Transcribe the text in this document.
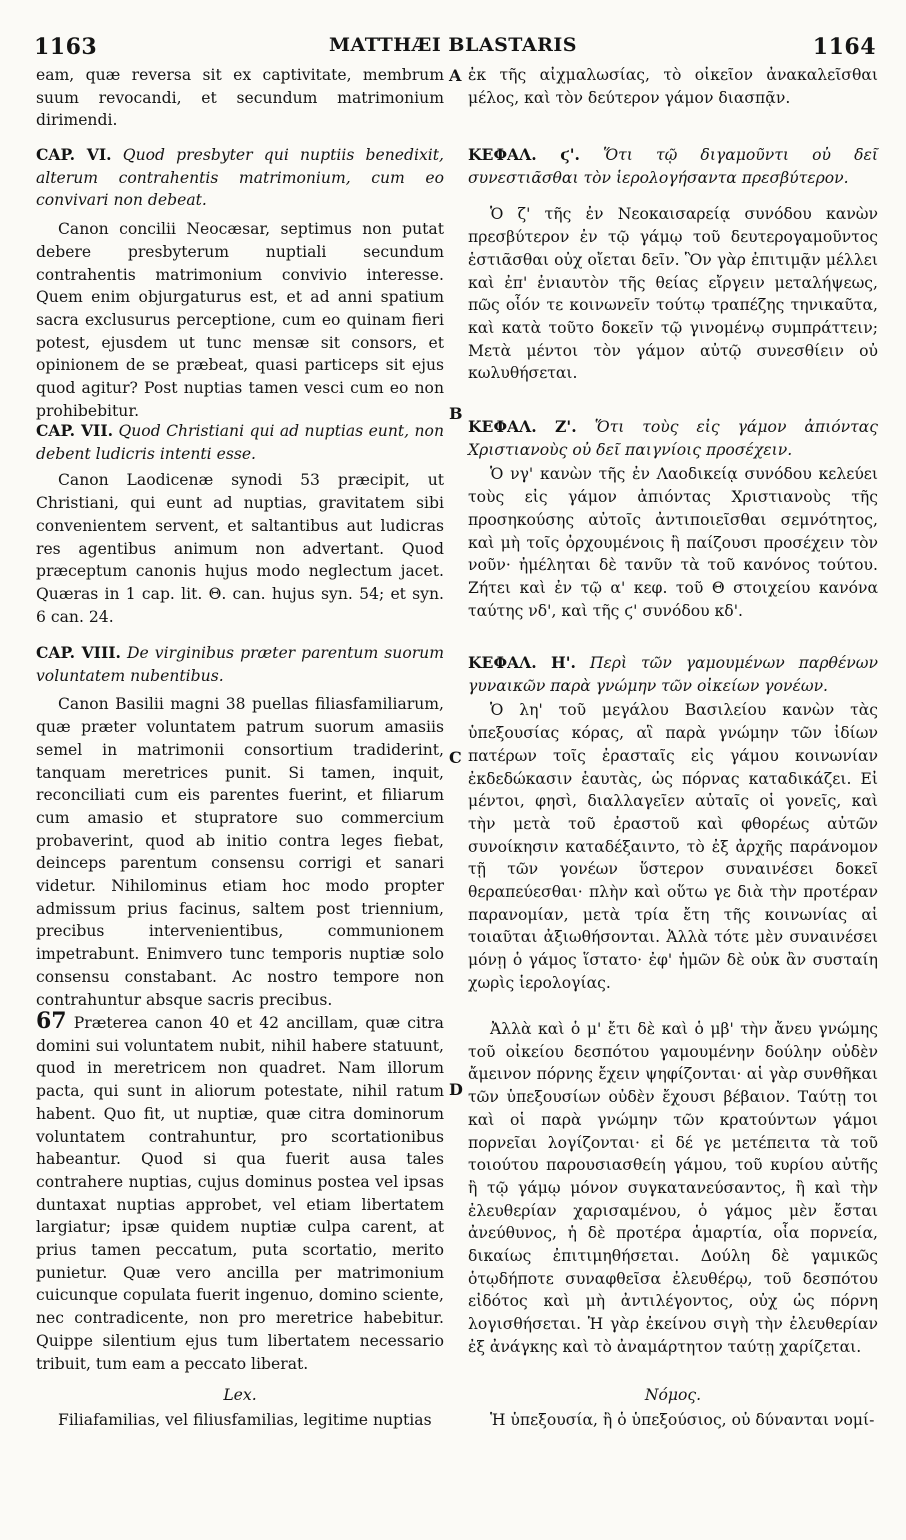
1163	MATTHÆI BLASTARIS	1164
A
B
C
D
eam, quæ reversa sit ex captivitate, membrum suum revocandi, et secundum matrimonium dirimendi.
CAP. VI. Quod presbyter qui nuptiis benedixit, alterum contrahentis matrimonium, cum eo convivari non debeat.
Canon concilii Neocæsar, septimus non putat debere presbyterum nuptiali secundum contrahentis matrimonium convivio interesse. Quem enim objurgaturus est, et ad anni spatium sacra exclusurus perceptione, cum eo quinam fieri potest, ejusdem ut tunc mensæ sit consors, et opinionem de se præbeat, quasi particeps sit ejus quod agitur? Post nuptias tamen vesci cum eo non prohibebitur.
CAP. VII. Quod Christiani qui ad nuptias eunt, non debent ludicris intenti esse.
Canon Laodicenæ synodi 53 præcipit, ut Christiani, qui eunt ad nuptias, gravitatem sibi convenientem servent, et saltantibus aut ludicras res agentibus animum non advertant. Quod præceptum canonis hujus modo neglectum jacet. Quæras in 1 cap. lit. Θ. can. hujus syn. 54; et syn. 6 can. 24.
CAP. VIII. De virginibus præter parentum suorum voluntatem nubentibus.
Canon Basilii magni 38 puellas filiasfamiliarum, quæ præter voluntatem patrum suorum amasiis semel in matrimonii consortium tradiderint, tanquam meretrices punit. Si tamen, inquit, reconciliati cum eis parentes fuerint, et filiarum cum amasio et stupratore suo commercium probaverint, quod ab initio contra leges fiebat, deinceps parentum consensu corrigi et sanari videtur. Nihilominus etiam hoc modo propter admissum prius facinus, saltem post triennium, precibus intervenientibus, communionem impetrabunt. Enimvero tunc temporis nuptiæ solo consensu constabant. Ac nostro tempore non contrahuntur absque sacris precibus.
67 Præterea canon 40 et 42 ancillam, quæ citra domini sui voluntatem nubit, nihil habere statuunt, quod in meretricem non quadret. Nam illorum pacta, qui sunt in aliorum potestate, nihil ratum habent. Quo fit, ut nuptiæ, quæ citra dominorum voluntatem contrahuntur, pro scortationibus habeantur. Quod si qua fuerit ausa tales contrahere nuptias, cujus dominus postea vel ipsas duntaxat nuptias approbet, vel etiam libertatem largiatur; ipsæ quidem nuptiæ culpa carent, at prius tamen peccatum, puta scortatio, merito punietur. Quæ vero ancilla per matrimonium cuicunque copulata fuerit ingenuo, domino sciente, nec contradicente, non pro meretrice habebitur. Quippe silentium ejus tum libertatem necessario tribuit, tum eam a peccato liberat.
Lex.
Filiafamilias, vel filiusfamilias, legitime nuptias
ἐκ τῆς αἰχμαλωσίας, τὸ οἰκεῖον ἀνακαλεῖσθαι μέλος, καὶ τὸν δεύτερον γάμον διασπᾷν.
ΚΕΦΑΛ. ϛ'. Ὅτι τῷ διγαμοῦντι οὐ δεῖ συνεστιᾶσθαι τὸν ἱερολογήσαντα πρεσβύτερον.
Ὁ ζ' τῆς ἐν Νεοκαισαρείᾳ συνόδου κανὼν πρεσβύτερον ἐν τῷ γάμῳ τοῦ δευτερογαμοῦντος ἑστιᾶσθαι οὐχ οἴεται δεῖν. Ὃν γὰρ ἐπιτιμᾷν μέλλει καὶ ἐπ' ἐνιαυτὸν τῆς θείας εἴργειν μεταλήψεως, πῶς οἷόν τε κοινωνεῖν τούτῳ τραπέζης τηνικαῦτα, καὶ κατὰ τοῦτο δοκεῖν τῷ γινομένῳ συμπράττειν; Μετὰ μέντοι τὸν γάμον αὐτῷ συνεσθίειν οὐ κωλυθήσεται.
ΚΕΦΑΛ. Ζ'. Ὅτι τοὺς εἰς γάμον ἀπιόντας Χριστιανοὺς οὐ δεῖ παιγνίοις προσέχειν.
Ὁ νγ' κανὼν τῆς ἐν Λαοδικείᾳ συνόδου κελεύει τοὺς εἰς γάμον ἀπιόντας Χριστιανοὺς τῆς προσηκούσης αὐτοῖς ἀντιποιεῖσθαι σεμνότητος, καὶ μὴ τοῖς ὀρχουμένοις ἢ παίζουσι προσέχειν τὸν νοῦν· ἠμέληται δὲ τανῦν τὰ τοῦ κανόνος τούτου. Ζήτει καὶ ἐν τῷ α' κεφ. τοῦ Θ στοιχείου κανόνα ταύτης νδ', καὶ τῆς ϛ' συνόδου κδ'.
ΚΕΦΑΛ. Η'. Περὶ τῶν γαμουμένων παρθένων γυναικῶν παρὰ γνώμην τῶν οἰκείων γονέων.
Ὁ λη' τοῦ μεγάλου Βασιλείου κανὼν τὰς ὑπεξουσίας κόρας, αἳ παρὰ γνώμην τῶν ἰδίων πατέρων τοῖς ἐρασταῖς εἰς γάμου κοινωνίαν ἐκδεδώκασιν ἑαυτὰς, ὡς πόρνας καταδικάζει. Εἰ μέντοι, φησὶ, διαλλαγεῖεν αὐταῖς οἱ γονεῖς, καὶ τὴν μετὰ τοῦ ἐραστοῦ καὶ φθορέως αὐτῶν συνοίκησιν καταδέξαιντο, τὸ ἐξ ἀρχῆς παράνομον τῇ τῶν γονέων ὕστερον συναινέσει δοκεῖ θεραπεύεσθαι· πλὴν καὶ οὕτω γε διὰ τὴν προτέραν παρανομίαν, μετὰ τρία ἔτη τῆς κοινωνίας αἱ τοιαῦται ἀξιωθήσονται. Ἀλλὰ τότε μὲν συναινέσει μόνῃ ὁ γάμος ἵστατο· ἐφ' ἡμῶν δὲ οὐκ ἂν συσταίη χωρὶς ἱερολογίας.
Ἀλλὰ καὶ ὁ μ' ἔτι δὲ καὶ ὁ μβ' τὴν ἄνευ γνώμης τοῦ οἰκείου δεσπότου γαμουμένην δούλην οὐδὲν ἄμεινον πόρνης ἔχειν ψηφίζονται· αἱ γὰρ συνθῆκαι τῶν ὑπεξουσίων οὐδὲν ἔχουσι βέβαιον. Ταύτῃ τοι καὶ οἱ παρὰ γνώμην τῶν κρατούντων γάμοι πορνεῖαι λογίζονται· εἰ δέ γε μετέπειτα τὰ τοῦ τοιούτου παρουσιασθείη γάμου, τοῦ κυρίου αὐτῆς ἢ τῷ γάμῳ μόνον συγκατανεύσαντος, ἢ καὶ τὴν ἐλευθερίαν χαρισαμένου, ὁ γάμος μὲν ἔσται ἀνεύθυνος, ἡ δὲ προτέρα ἁμαρτία, οἷα πορνεία, δικαίως ἐπιτιμηθήσεται. Δούλη δὲ γαμικῶς ὁτῳδήποτε συναφθεῖσα ἐλευθέρῳ, τοῦ δεσπότου εἰδότος καὶ μὴ ἀντιλέγοντος, οὐχ ὡς πόρνη λογισθήσεται. Ἡ γὰρ ἐκείνου σιγὴ τὴν ἐλευθερίαν ἐξ ἀνάγκης καὶ τὸ ἀναμάρτητον ταύτῃ χαρίζεται.
Νόμος.
Ἡ ὑπεξουσία, ἢ ὁ ὑπεξούσιος, οὐ δύνανται νομί-
